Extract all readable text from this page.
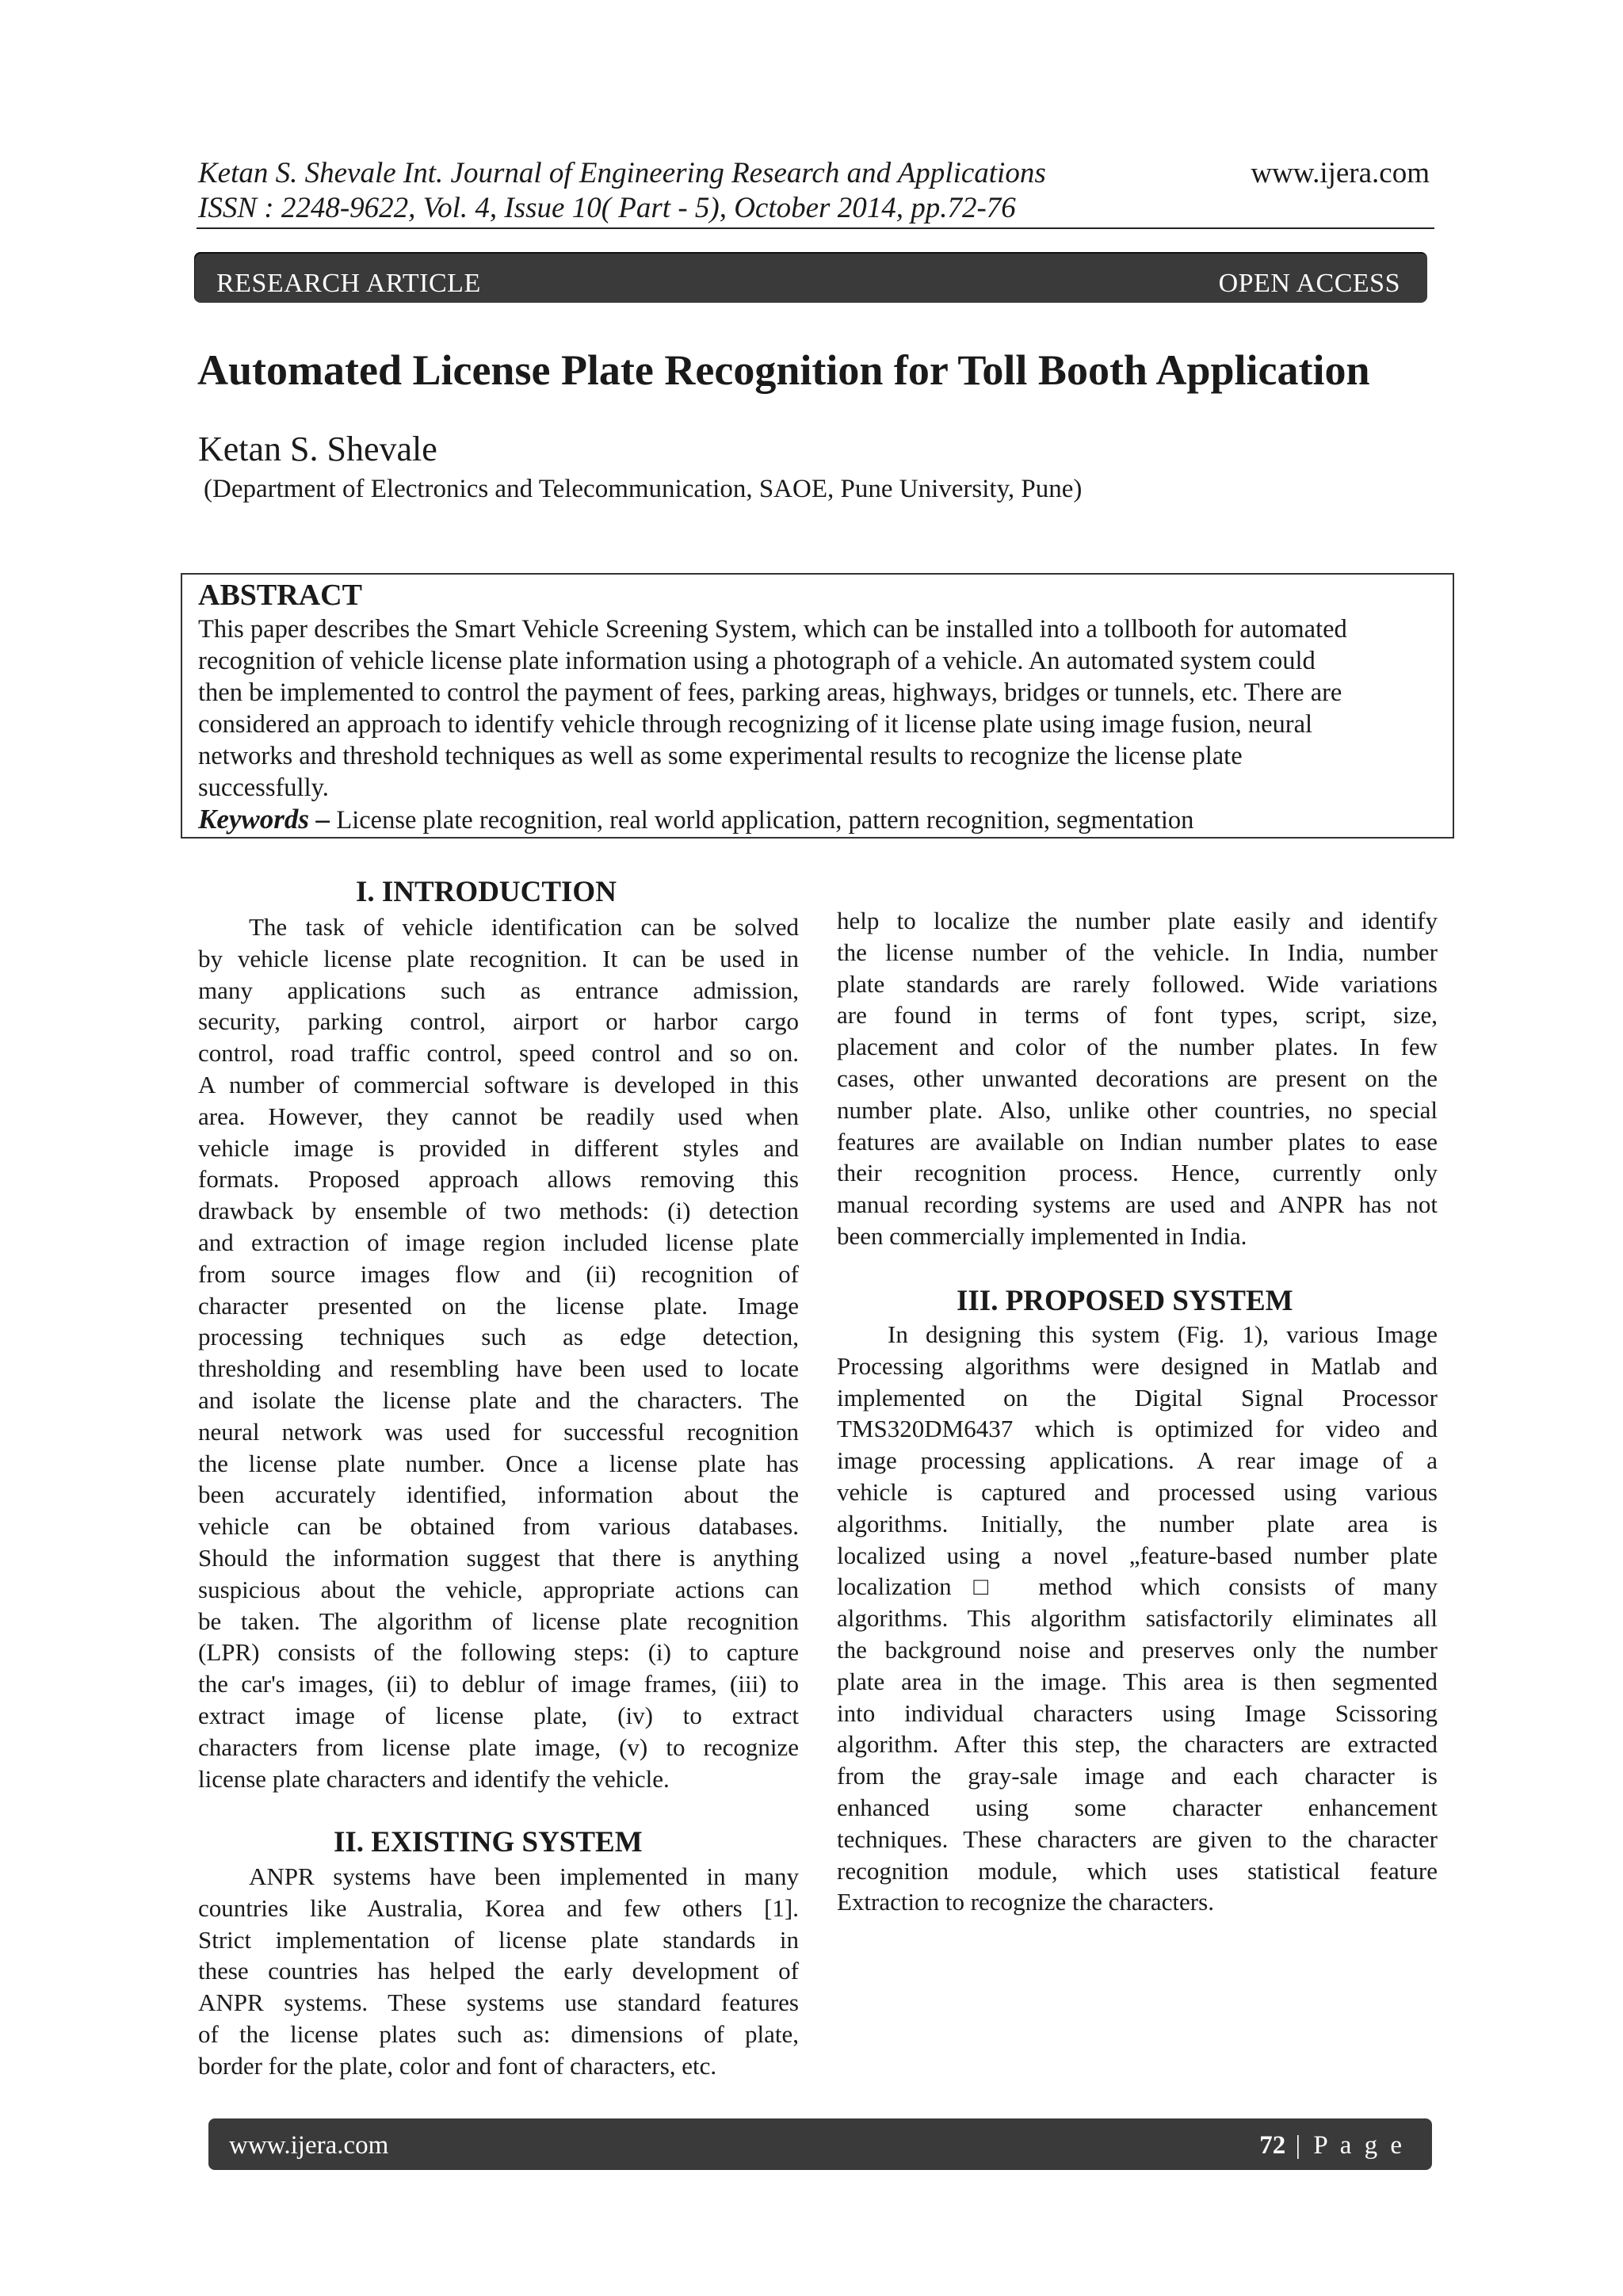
Ketan S. Shevale Int. Journal of Engineering Research and Applications
ISSN : 2248-9622, Vol. 4, Issue 10( Part - 5), October 2014, pp.72-76
www.ijera.com
RESEARCH ARTICLE	OPEN ACCESS
Automated License Plate Recognition for Toll Booth Application
Ketan S. Shevale
(Department of Electronics and Telecommunication, SAOE, Pune University, Pune)
ABSTRACT
This paper describes the Smart Vehicle Screening System, which can be installed into a tollbooth for automated
recognition of vehicle license plate information using a photograph of a vehicle. An automated system could
then be implemented to control the payment of fees, parking areas, highways, bridges or tunnels, etc. There are
considered an approach to identify vehicle through recognizing of it license plate using image fusion, neural
networks and threshold techniques as well as some experimental results to recognize the license plate
successfully.
Keywords – License plate recognition, real world application, pattern recognition, segmentation
I. INTRODUCTION
The task of vehicle identification can be solved
by vehicle license plate recognition. It can be used in
many applications such as entrance admission,
security, parking control, airport or harbor cargo
control, road traffic control, speed control and so on.
A number of commercial software is developed in this
area. However, they cannot be readily used when
vehicle image is provided in different styles and
formats. Proposed approach allows removing this
drawback by ensemble of two methods: (i) detection
and extraction of image region included license plate
from source images flow and (ii) recognition of
character presented on the license plate. Image
processing techniques such as edge detection,
thresholding and resembling have been used to locate
and isolate the license plate and the characters. The
neural network was used for successful recognition
the license plate number. Once a license plate has
been accurately identified, information about the
vehicle can be obtained from various databases.
Should the information suggest that there is anything
suspicious about the vehicle, appropriate actions can
be taken. The algorithm of license plate recognition
(LPR) consists of the following steps: (i) to capture
the car's images, (ii) to deblur of image frames, (iii) to
extract image of license plate, (iv) to extract
characters from license plate image, (v) to recognize
license plate characters and identify the vehicle.
II. EXISTING SYSTEM
ANPR systems have been implemented in many
countries like Australia, Korea and few others [1].
Strict implementation of license plate standards in
these countries has helped the early development of
ANPR systems. These systems use standard features
of the license plates such as: dimensions of plate,
border for the plate, color and font of characters, etc.
help to localize the number plate easily and identify
the license number of the vehicle. In India, number
plate standards are rarely followed. Wide variations
are found in terms of font types, script, size,
placement and color of the number plates. In few
cases, other unwanted decorations are present on the
number plate. Also, unlike other countries, no special
features are available on Indian number plates to ease
their recognition process. Hence, currently only
manual recording systems are used and ANPR has not
been commercially implemented in India.
III. PROPOSED SYSTEM
In designing this system (Fig. 1), various Image
Processing algorithms were designed in Matlab and
implemented on the Digital Signal Processor
TMS320DM6437 which is optimized for video and
image processing applications. A rear image of a
vehicle is captured and processed using various
algorithms. Initially, the number plate area is
localized using a novel „feature-based number plate
localization□ method which consists of many
algorithms. This algorithm satisfactorily eliminates all
the background noise and preserves only the number
plate area in the image. This area is then segmented
into individual characters using Image Scissoring
algorithm. After this step, the characters are extracted
from the gray-sale image and each character is
enhanced using some character enhancement
techniques. These characters are given to the character
recognition module, which uses statistical feature
Extraction to recognize the characters.
www.ijera.com	72 | P a g e
